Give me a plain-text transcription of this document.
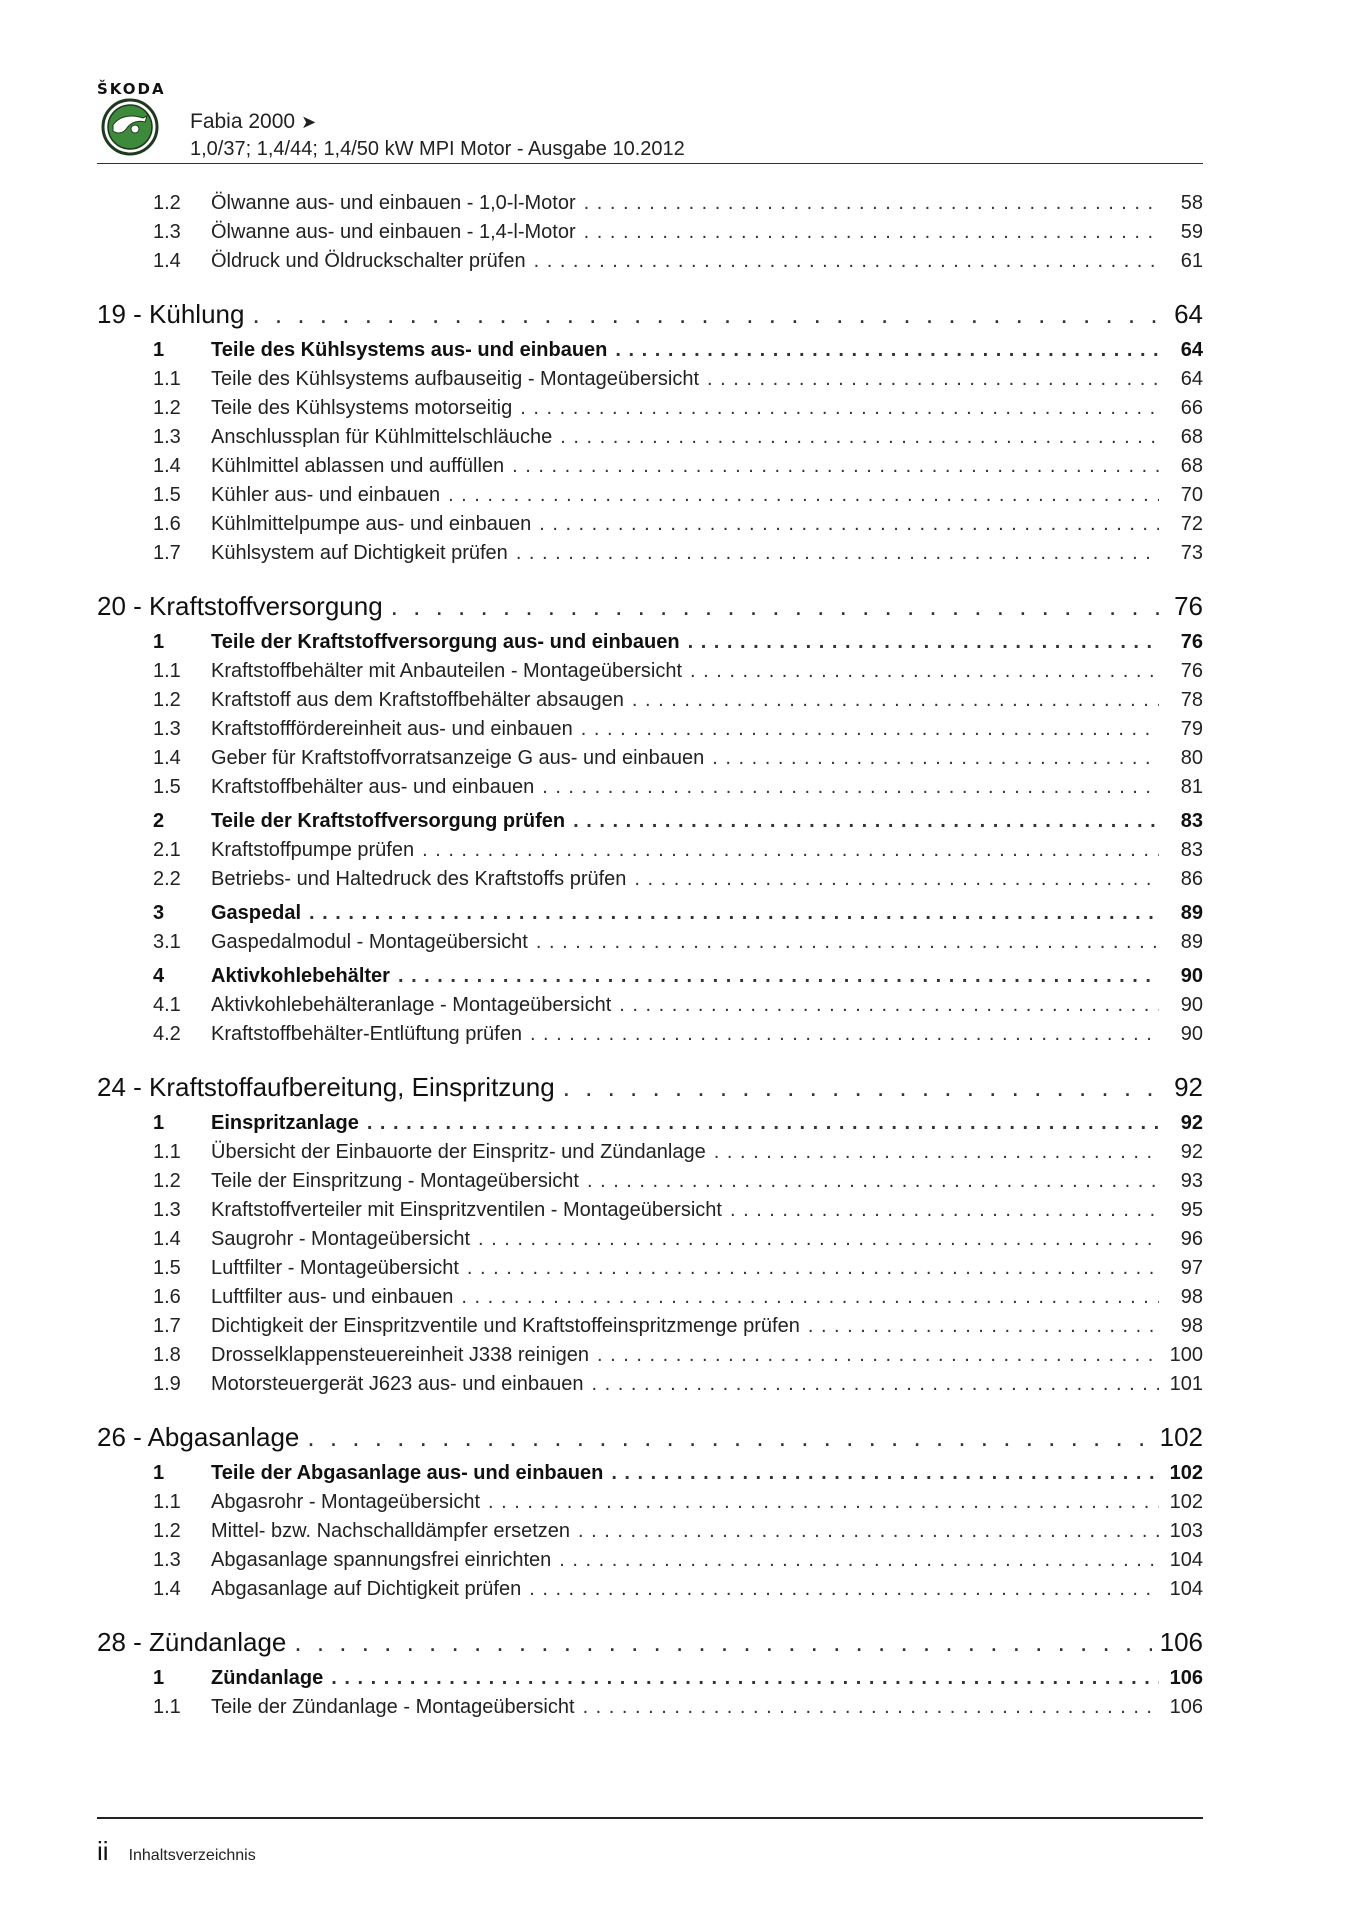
ŠKODA
Fabia 2000 ➤
1,0/37; 1,4/44; 1,4/50 kW MPI Motor - Ausgabe 10.2012
1.2	Ölwanne aus- und einbauen - 1,0-l-Motor . . .	58
1.3	Ölwanne aus- und einbauen - 1,4-l-Motor . . .	59
1.4	Öldruck und Öldruckschalter prüfen . . .	61
19 - Kühlung . . .	64
1	Teile des Kühlsystems aus- und einbauen . . .	64
1.1	Teile des Kühlsystems aufbauseitig - Montageübersicht . . .	64
1.2	Teile des Kühlsystems motorseitig . . .	66
1.3	Anschlussplan für Kühlmittelschläuche . . .	68
1.4	Kühlmittel ablassen und auffüllen . . .	68
1.5	Kühler aus- und einbauen . . .	70
1.6	Kühlmittelpumpe aus- und einbauen . . .	72
1.7	Kühlsystem auf Dichtigkeit prüfen . . .	73
20 - Kraftstoffversorgung . . .	76
1	Teile der Kraftstoffversorgung aus- und einbauen . . .	76
1.1	Kraftstoffbehälter mit Anbauteilen - Montageübersicht . . .	76
1.2	Kraftstoff aus dem Kraftstoffbehälter absaugen . . .	78
1.3	Kraftstofffördereinheit aus- und einbauen . . .	79
1.4	Geber für Kraftstoffvorratsanzeige G aus- und einbauen . . .	80
1.5	Kraftstoffbehälter aus- und einbauen . . .	81
2	Teile der Kraftstoffversorgung prüfen . . .	83
2.1	Kraftstoffpumpe prüfen . . .	83
2.2	Betriebs- und Haltedruck des Kraftstoffs prüfen . . .	86
3	Gaspedal . . .	89
3.1	Gaspedalmodul - Montageübersicht . . .	89
4	Aktivkohlebehälter . . .	90
4.1	Aktivkohlebehälteranlage - Montageübersicht . . .	90
4.2	Kraftstoffbehälter-Entlüftung prüfen . . .	90
24 - Kraftstoffaufbereitung, Einspritzung . . .	92
1	Einspritzanlage . . .	92
1.1	Übersicht der Einbauorte der Einspritz- und Zündanlage . . .	92
1.2	Teile der Einspritzung - Montageübersicht . . .	93
1.3	Kraftstoffverteiler mit Einspritzventilen - Montageübersicht . . .	95
1.4	Saugrohr - Montageübersicht . . .	96
1.5	Luftfilter - Montageübersicht . . .	97
1.6	Luftfilter aus- und einbauen . . .	98
1.7	Dichtigkeit der Einspritzventile und Kraftstoffeinspritzmenge prüfen . . .	98
1.8	Drosselklappensteuereinheit J338 reinigen . . .	100
1.9	Motorsteuergerät J623 aus- und einbauen . . .	101
26 - Abgasanlage . . .	102
1	Teile der Abgasanlage aus- und einbauen . . .	102
1.1	Abgasrohr - Montageübersicht . . .	102
1.2	Mittel- bzw. Nachschalldämpfer ersetzen . . .	103
1.3	Abgasanlage spannungsfrei einrichten . . .	104
1.4	Abgasanlage auf Dichtigkeit prüfen . . .	104
28 - Zündanlage . . .	106
1	Zündanlage . . .	106
1.1	Teile der Zündanlage - Montageübersicht . . .	106
ii Inhaltsverzeichnis
